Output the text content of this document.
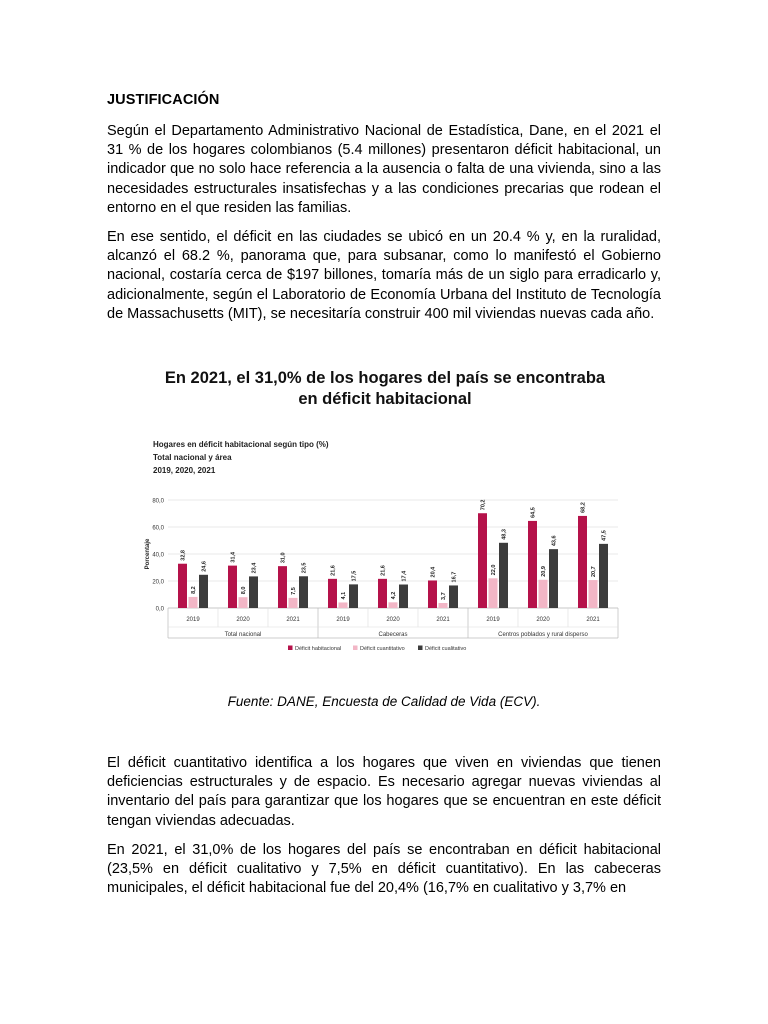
JUSTIFICACIÓN
Según el Departamento Administrativo Nacional de Estadística, Dane, en el 2021 el 31 % de los hogares colombianos (5.4 millones) presentaron déficit habitacional, un indicador que no solo hace referencia a la ausencia o falta de una vivienda, sino a las necesidades estructurales insatisfechas y a las condiciones precarias que rodean el entorno en el que residen las familias.
En ese sentido, el déficit en las ciudades se ubicó en un 20.4 % y, en la ruralidad, alcanzó el 68.2 %, panorama que, para subsanar, como lo manifestó el Gobierno nacional, costaría cerca de $197 billones, tomaría más de un siglo para erradicarlo y, adicionalmente, según el Laboratorio de Economía Urbana del Instituto de Tecnología de Massachusetts (MIT), se necesitaría construir 400 mil viviendas nuevas cada año.
El déficit cuantitativo identifica a los hogares que viven en viviendas que tienen deficiencias estructurales y de espacio. Es necesario agregar nuevas viviendas al inventario del país para garantizar que los hogares que se encuentran en este déficit tengan viviendas adecuadas.
En 2021, el 31,0% de los hogares del país se encontraban en déficit habitacional (23,5% en déficit cualitativo y 7,5% en déficit cuantitativo). En las cabeceras municipales, el déficit habitacional fue del 20,4% (16,7% en cualitativo y 3,7% en
En 2021, el 31,0% de los hogares del país se encontraba
en déficit habitacional
Hogares en déficit habitacional según tipo (%)
Total nacional y área
2019, 2020, 2021
0,0
20,0
40,0
60,0
80,0
Porcentaje	32,8
8,2
24,6
2019
31,4
8,0
23,4
2020
31,0
7,5
23,5
2021
Total nacional
21,6
4,1
17,5
2019
21,6
4,2
17,4
2020
20,4
3,7
16,7
2021
Cabeceras
70,2
22,0
48,3
2019
64,5
20,9
43,6
2020
68,2
20,7
47,5
2021
Centros poblados y rural disperso
Déficit habitacional	Déficit cuantitativo	Déficit cualitativo
Fuente: DANE, Encuesta de Calidad de Vida (ECV).
